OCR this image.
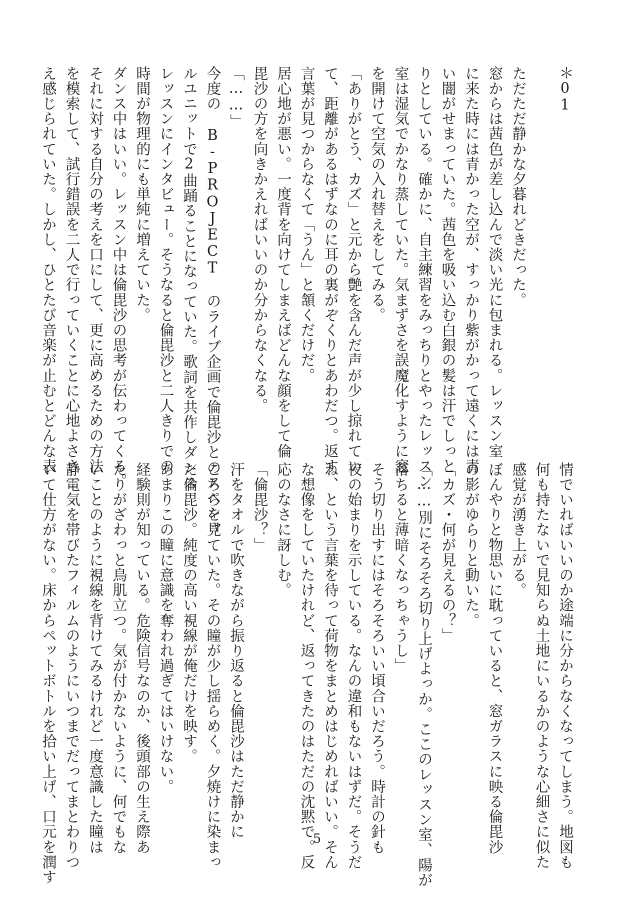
＊01
ただただ静かな夕暮れどきだった。
窓からは茜色が差し込んで淡い光に包まれる。レッスン室
に来た時には青かった空が、すっかり紫がかって遠くには青
い闇がせまっていた。茜色を吸い込む白銀の髪は汗でしっと
りとしている。確かに、自主練習をみっちりとやったレッスン
室は湿気でかなり蒸していた。気まずさを誤魔化すように窓
を開けて空気の入れ替えをしてみる。
「ありがとう、カズ」と元から艶を含んだ声が少し掠れてい
て、距離があるはずなのに耳の裏がぞくりとあわだつ。返す
言葉が見つからなくて「うん」と頷くだけだ。
居心地が悪い。一度背を向けてしまえばどんな顔をして倫
毘沙の方を向きかえればいいのか分からなくなる。
「……」
今度の B-PROJECT のライブ企画で倫毘沙とのスペシャ
ルユニットで2曲踊ることになっていた。歌詞を共作しダンス
レッスンにインタビュー。そうなると倫毘沙と二人きりでの
時間が物理的にも単純に増えていた。
ダンス中はいい。レッスン中は倫毘沙の思考が伝わってくる。
それに対する自分の考えを口にして、更に高めるための方法
を模索して、試行錯誤を二人で行っていくことに心地よささ
え感じられていた。しかし、ひとたび音楽が止むとどんな表
情でいればいいのか途端に分からなくなってしまう。地図も
何も持たないで見知らぬ土地にいるかのような心細さに似た
感覚が湧き上がる。
ぼんやりと物思いに耽っていると、窓ガラスに映る倫毘沙
の影がゆらりと動いた。
「カズ・何が見えるの？」
「……別にそろそろ切り上げよっか。ここのレッスン室、陽が
落ちると薄暗くなっちゃうし」
そう切り出すにはそろそろいい頃合いだろう。時計の針も
夜の始まりを示している。なんの違和もないはずだ。そうだ
ね、という言葉を待って荷物をまとめはじめればいい。そん
な想像をしていたけれど、返ってきたのはただの沈黙で。反
応のなさに訝しむ。
「倫毘沙？」
汗をタオルで吹きながら振り返ると倫毘沙はただ静かに
こちらを見ていた。その瞳が少し揺らめく。夕焼けに染まっ
た倫毘沙。純度の高い視線が俺だけを映す。
あまりこの瞳に意識を奪われ過ぎてはいけない。
経験則が知っている。危険信号なのか、後頭部の生え際あ
たりがざわっと鳥肌立つ。気が付かないように、何でもな
いことのように視線を背けてみるけれど一度意識した瞳は
静電気を帯びたフィルムのようにいつまでだってまとわりつ
いて仕方がない。床からペットボトルを拾い上げ、口元を潤す	5
